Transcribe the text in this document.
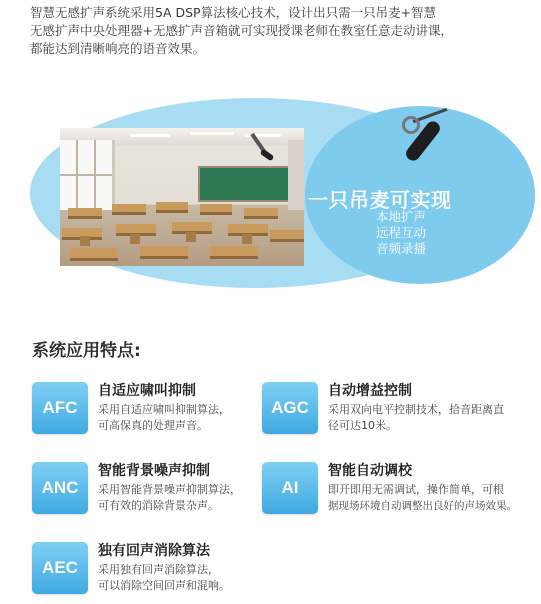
智慧无感扩声系统采用5A DSP算法核心技术，设计出只需一只吊麦+智慧
无感扩声中央处理器+无感扩声音箱就可实现授课老师在教室任意走动讲课，
都能达到清晰响亮的语音效果。

一只吊麦可实现
本地扩声
远程互动
音频录播
系统应用特点:
AFC
自适应啸叫抑制

采用自适应啸叫抑制算法，
可高保真的处理声音。

AGC
自动增益控制

采用双向电平控制技术，拾音距离直
径可达10米。

ANC
智能背景噪声抑制

采用智能背景噪声抑制算法，
可有效的消除背景杂声。

AI
智能自动调校

即开即用无需调试，操作简单，可根
据现场环境自动调整出良好的声场效果。

AEC
独有回声消除算法

采用独有回声消除算法，
可以消除空间回声和混响。
